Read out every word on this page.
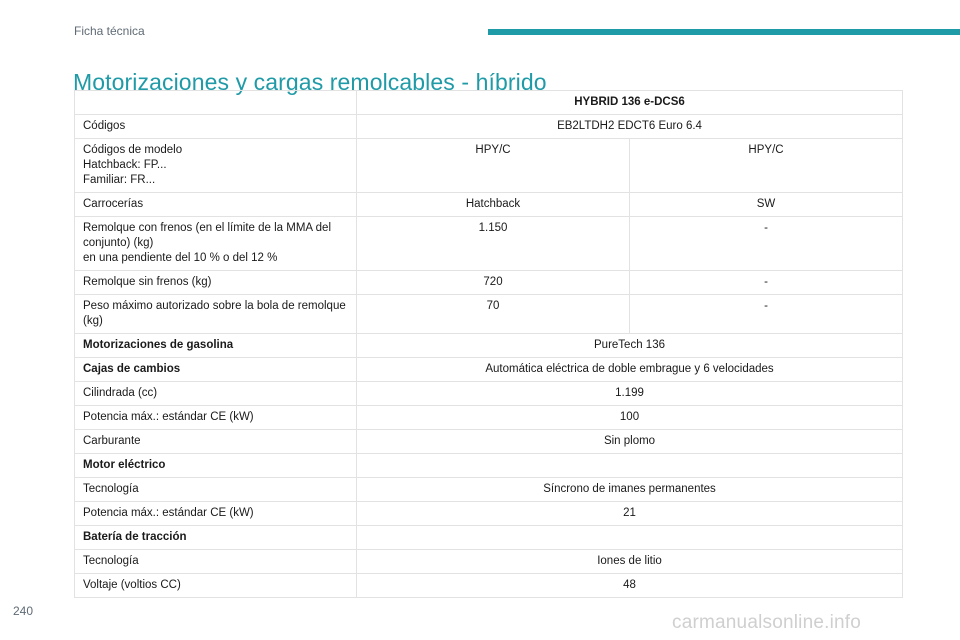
Ficha técnica
Motorizaciones y cargas remolcables - híbrido
	HYBRID 136 e-DCS6	

Códigos	EB2LTDH2 EDCT6 Euro 6.4	

Códigos de modelo
Hatchback: FP...
Familiar: FR...	HPY/C	HPY/C

Carrocerías	Hatchback	SW

Remolque con frenos (en el límite de la MMA del conjunto) (kg)
en una pendiente del 10 % o del 12 %	1.150	-

Remolque sin frenos (kg)	720	-

Peso máximo autorizado sobre la bola de remolque (kg)	70	-

Motorizaciones de gasolina	PureTech 136	

Cajas de cambios	Automática eléctrica de doble embrague y 6 velocidades	

Cilindrada (cc)	1.199	

Potencia máx.: estándar CE (kW)	100	

Carburante	Sin plomo	

Motor eléctrico		

Tecnología	Síncrono de imanes permanentes	

Potencia máx.: estándar CE (kW)	21	

Batería de tracción		

Tecnología	Iones de litio	

Voltaje (voltios CC)	48	
240
carmanualsonline.info
